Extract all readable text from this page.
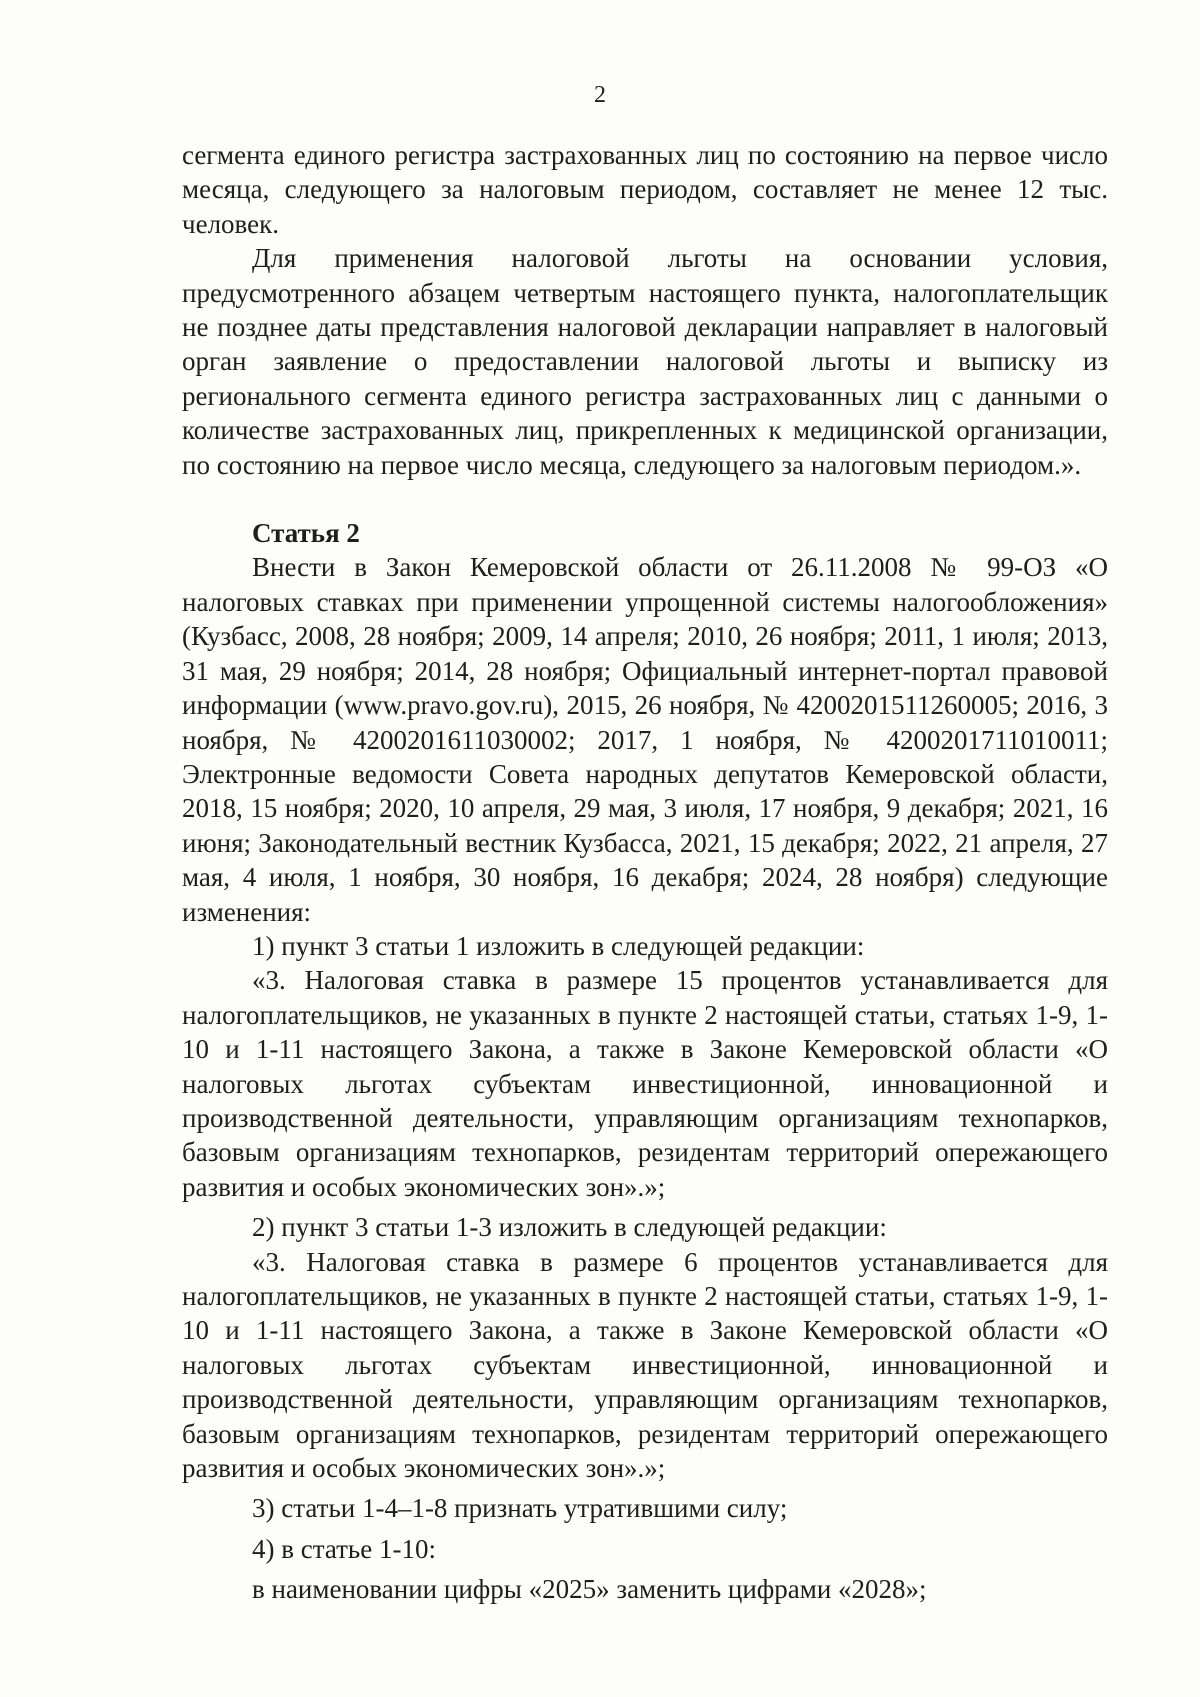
2

сегмента единого регистра застрахованных лиц по состоянию на первое число месяца, следующего за налоговым периодом, составляет не менее 12 тыс. человек.

Для применения налоговой льготы на основании условия, предусмотренного абзацем четвертым настоящего пункта, налогоплательщик не позднее даты представления налоговой декларации направляет в налоговый орган заявление о предоставлении налоговой льготы и выписку из регионального сегмента единого регистра застрахованных лиц с данными о количестве застрахованных лиц, прикрепленных к медицинской организации, по состоянию на первое число месяца, следующего за налоговым периодом.».

Статья 2

Внести в Закон Кемеровской области от 26.11.2008 № 99-ОЗ «О налоговых ставках при применении упрощенной системы налогообложения» (Кузбасс, 2008, 28 ноября; 2009, 14 апреля; 2010, 26 ноября; 2011, 1 июля; 2013, 31 мая, 29 ноября; 2014, 28 ноября; Официальный интернет-портал правовой информации (www.pravo.gov.ru), 2015, 26 ноября, № 4200201511260005; 2016, 3 ноября, № 4200201611030002; 2017, 1 ноября, № 4200201711010011; Электронные ведомости Совета народных депутатов Кемеровской области, 2018, 15 ноября; 2020, 10 апреля, 29 мая, 3 июля, 17 ноября, 9 декабря; 2021, 16 июня; Законодательный вестник Кузбасса, 2021, 15 декабря; 2022, 21 апреля, 27 мая, 4 июля, 1 ноября, 30 ноября, 16 декабря; 2024, 28 ноября) следующие изменения:

1) пункт 3 статьи 1 изложить в следующей редакции:

«3. Налоговая ставка в размере 15 процентов устанавливается для налогоплательщиков, не указанных в пункте 2 настоящей статьи, статьях 1-9, 1-10 и 1-11 настоящего Закона, а также в Законе Кемеровской области «О налоговых льготах субъектам инвестиционной, инновационной и производственной деятельности, управляющим организациям технопарков, базовым организациям технопарков, резидентам территорий опережающего развития и особых экономических зон».»;

2) пункт 3 статьи 1-3 изложить в следующей редакции:

«3. Налоговая ставка в размере 6 процентов устанавливается для налогоплательщиков, не указанных в пункте 2 настоящей статьи, статьях 1-9, 1-10 и 1-11 настоящего Закона, а также в Законе Кемеровской области «О налоговых льготах субъектам инвестиционной, инновационной и производственной деятельности, управляющим организациям технопарков, базовым организациям технопарков, резидентам территорий опережающего развития и особых экономических зон».»;

3) статьи 1-4–1-8 признать утратившими силу;

4) в статье 1-10:

в наименовании цифры «2025» заменить цифрами «2028»;
